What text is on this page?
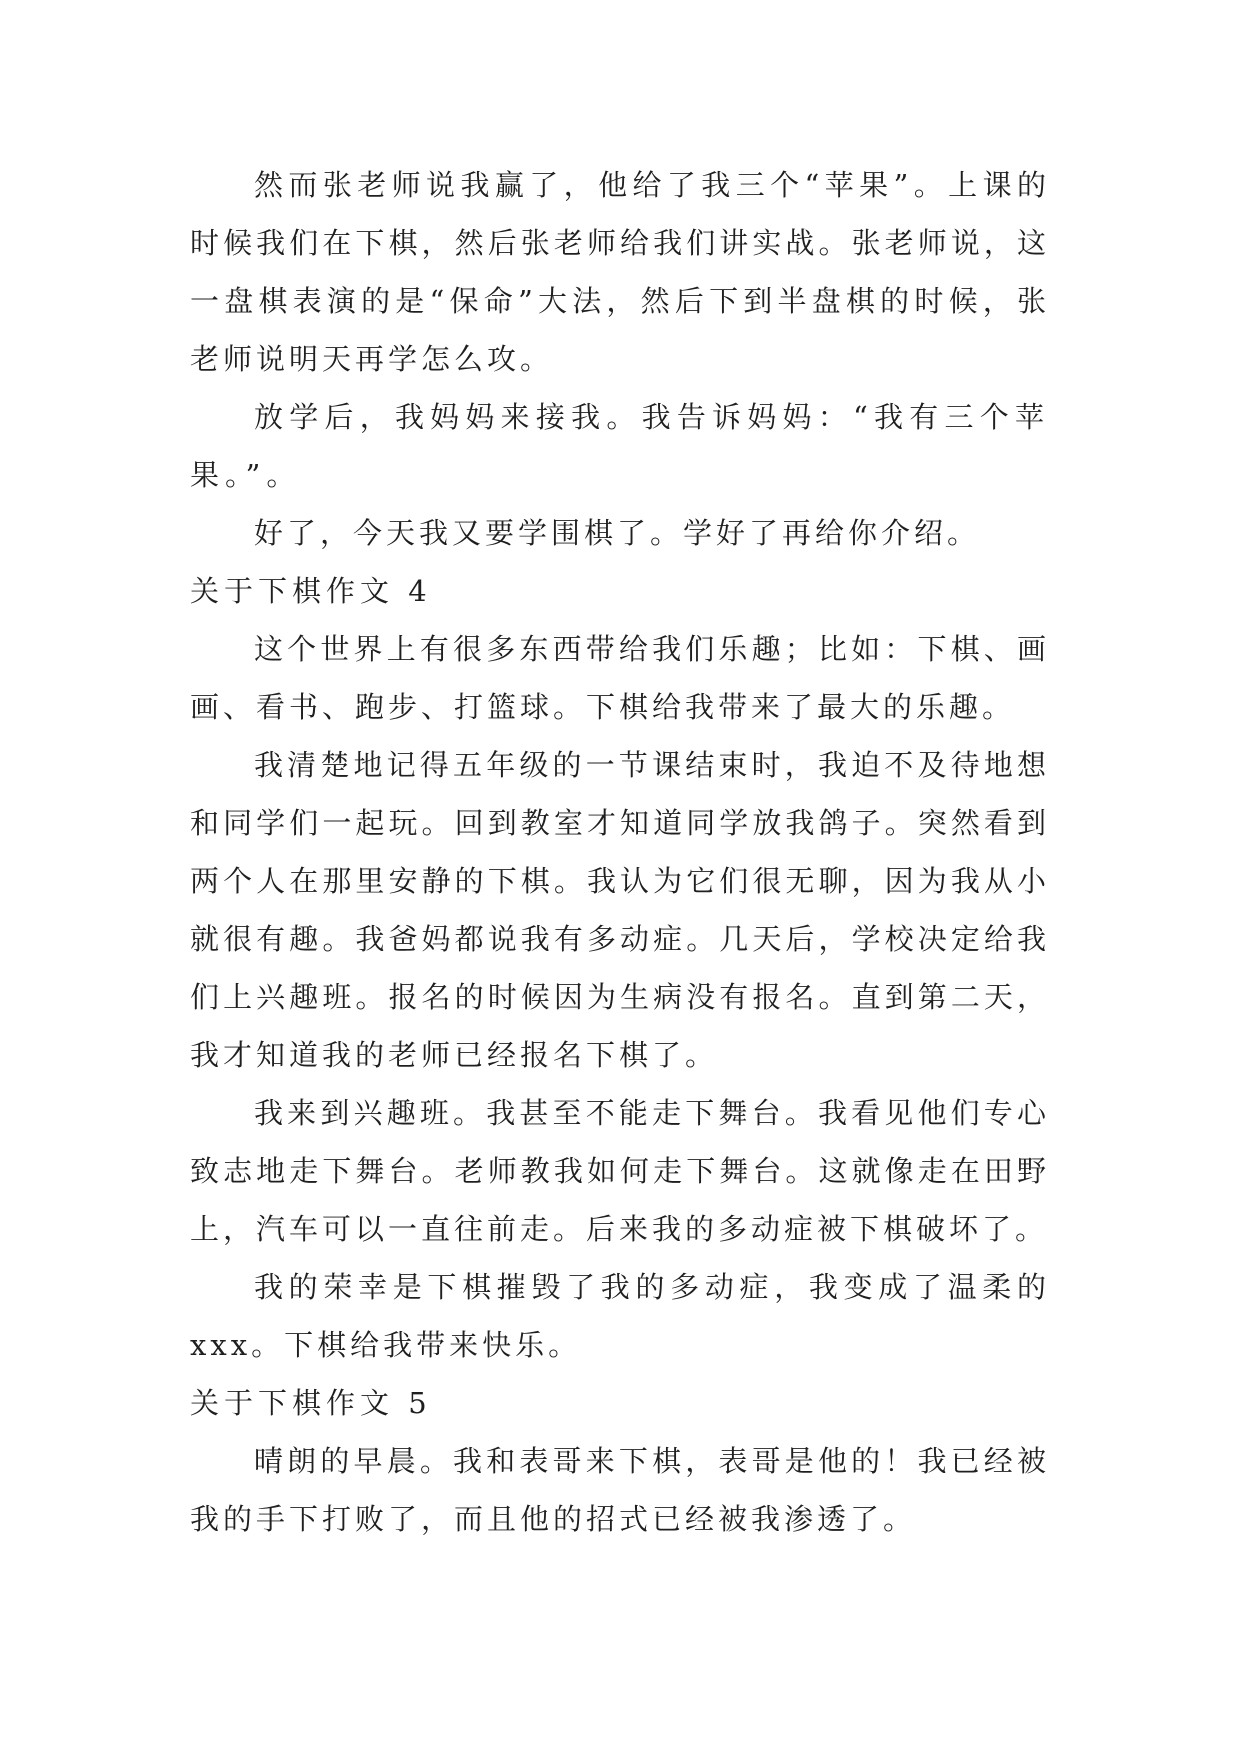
然而张老师说我赢了，他给了我三个“苹果”。上课的时候我们在下棋，然后张老师给我们讲实战。张老师说，这一盘棋表演的是“保命”大法，然后下到半盘棋的时候，张老师说明天再学怎么攻。

放学后，我妈妈来接我。我告诉妈妈：“我有三个苹果。”。

好了，今天我又要学围棋了。学好了再给你介绍。

关于下棋作文 4

这个世界上有很多东西带给我们乐趣；比如：下棋、画画、看书、跑步、打篮球。下棋给我带来了最大的乐趣。

我清楚地记得五年级的一节课结束时，我迫不及待地想和同学们一起玩。回到教室才知道同学放我鸽子。突然看到两个人在那里安静的下棋。我认为它们很无聊，因为我从小就很有趣。我爸妈都说我有多动症。几天后，学校决定给我们上兴趣班。报名的时候因为生病没有报名。直到第二天，我才知道我的老师已经报名下棋了。

我来到兴趣班。我甚至不能走下舞台。我看见他们专心致志地走下舞台。老师教我如何走下舞台。这就像走在田野上，汽车可以一直往前走。后来我的多动症被下棋破坏了。

我的荣幸是下棋摧毁了我的多动症，我变成了温柔的xxx。下棋给我带来快乐。

关于下棋作文 5

晴朗的早晨。我和表哥来下棋，表哥是他的！我已经被我的手下打败了，而且他的招式已经被我渗透了。
